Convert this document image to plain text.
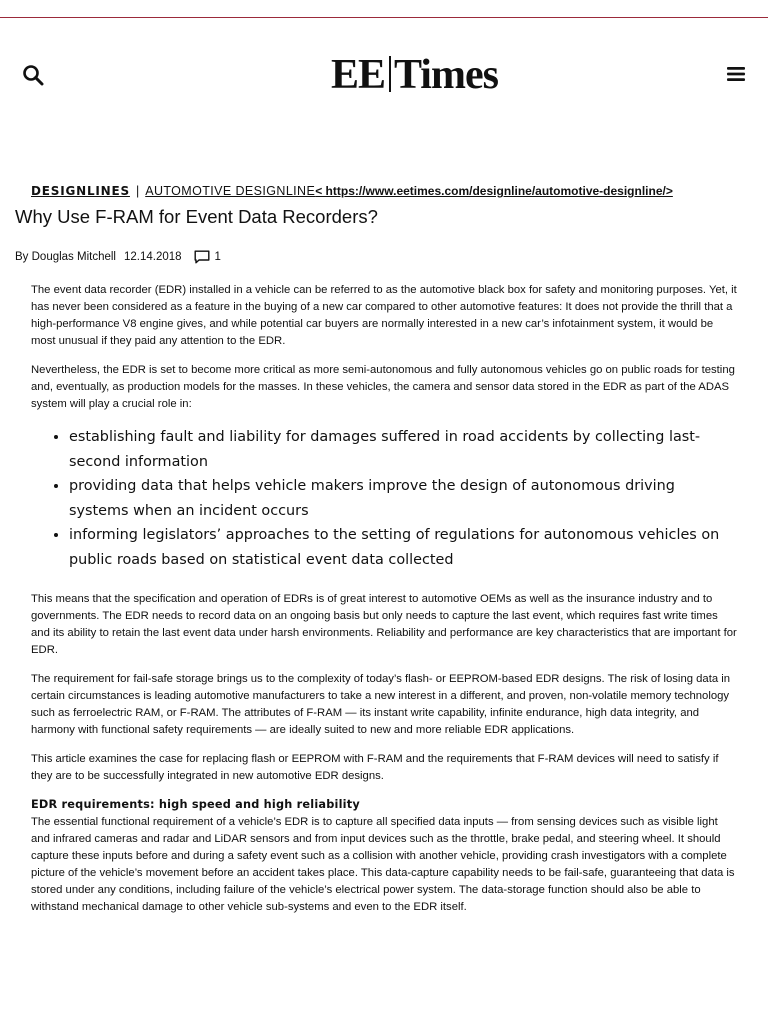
EE Times
DESIGNLINES | AUTOMOTIVE DESIGNLINE< https://www.eetimes.com/designline/automotive-designline/>
Why Use F-RAM for Event Data Recorders?
By Douglas Mitchell 12.14.2018	1

The event data recorder (EDR) installed in a vehicle can be referred to as the automotive black box for safety and monitoring purposes. Yet, it has never been considered as a feature in the buying of a new car compared to other automotive features: It does not provide the thrill that a high-performance V8 engine gives, and while potential car buyers are normally interested in a new car’s infotainment system, it would be most unusual if they paid any attention to the EDR.

Nevertheless, the EDR is set to become more critical as more semi-autonomous and fully autonomous vehicles go on public roads for testing and, eventually, as production models for the masses. In these vehicles, the camera and sensor data stored in the EDR as part of the ADAS system will play a crucial role in:

• establishing fault and liability for damages suffered in road accidents by collecting last-second information
• providing data that helps vehicle makers improve the design of autonomous driving systems when an incident occurs
• informing legislators’ approaches to the setting of regulations for autonomous vehicles on public roads based on statistical event data collected

This means that the specification and operation of EDRs is of great interest to automotive OEMs as well as the insurance industry and to governments. The EDR needs to record data on an ongoing basis but only needs to capture the last event, which requires fast write times and its ability to retain the last event data under harsh environments. Reliability and performance are key characteristics that are important for EDR.

The requirement for fail-safe storage brings us to the complexity of today’s flash- or EEPROM-based EDR designs. The risk of losing data in certain circumstances is leading automotive manufacturers to take a new interest in a different, and proven, non-volatile memory technology such as ferroelectric RAM, or F-RAM. The attributes of F-RAM — its instant write capability, infinite endurance, high data integrity, and harmony with functional safety requirements — are ideally suited to new and more reliable EDR applications.

This article examines the case for replacing flash or EEPROM with F-RAM and the requirements that F-RAM devices will need to satisfy if they are to be successfully integrated in new automotive EDR designs.

EDR requirements: high speed and high reliability

The essential functional requirement of a vehicle’s EDR is to capture all specified data inputs — from sensing devices such as visible light and infrared cameras and radar and LiDAR sensors and from input devices such as the throttle, brake pedal, and steering wheel. It should capture these inputs before and during a safety event such as a collision with another vehicle, providing crash investigators with a complete picture of the vehicle’s movement before an accident takes place. This data-capture capability needs to be fail-safe, guaranteeing that data is stored under any conditions, including failure of the vehicle’s electrical power system. The data-storage function should also be able to withstand mechanical damage to other vehicle sub-systems and even to the EDR itself.
